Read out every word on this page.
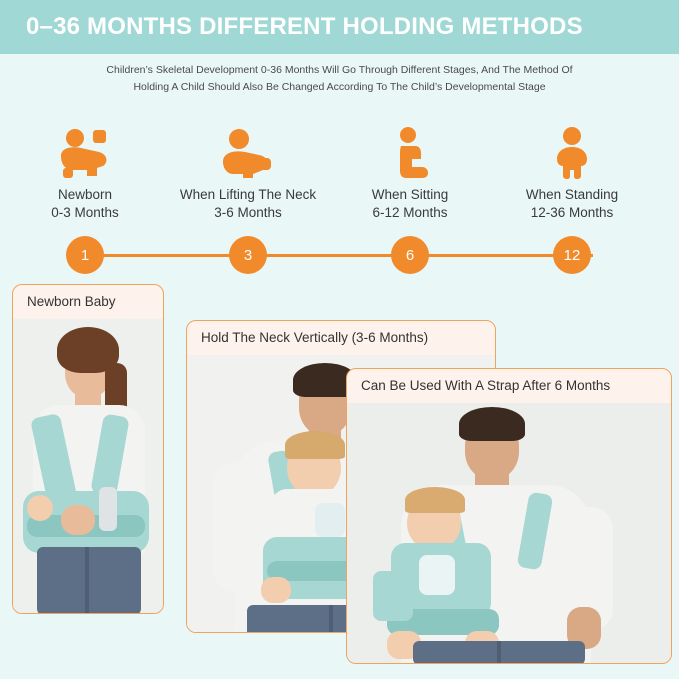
0–36 MONTHS DIFFERENT HOLDING METHODS
Children’s Skeletal Development 0-36 Months Will Go Through Different Stages, And The Method Of
Holding A Child Should Also Be Changed According To The Child’s Developmental Stage
Newborn
0-3 Months
When Lifting The Neck
3-6 Months
When Sitting
6-12 Months
When Standing
12-36 Months
1	3	6	12
Newborn Baby
Hold The Neck Vertically (3-6 Months)
Can Be Used With A Strap After 6 Months
